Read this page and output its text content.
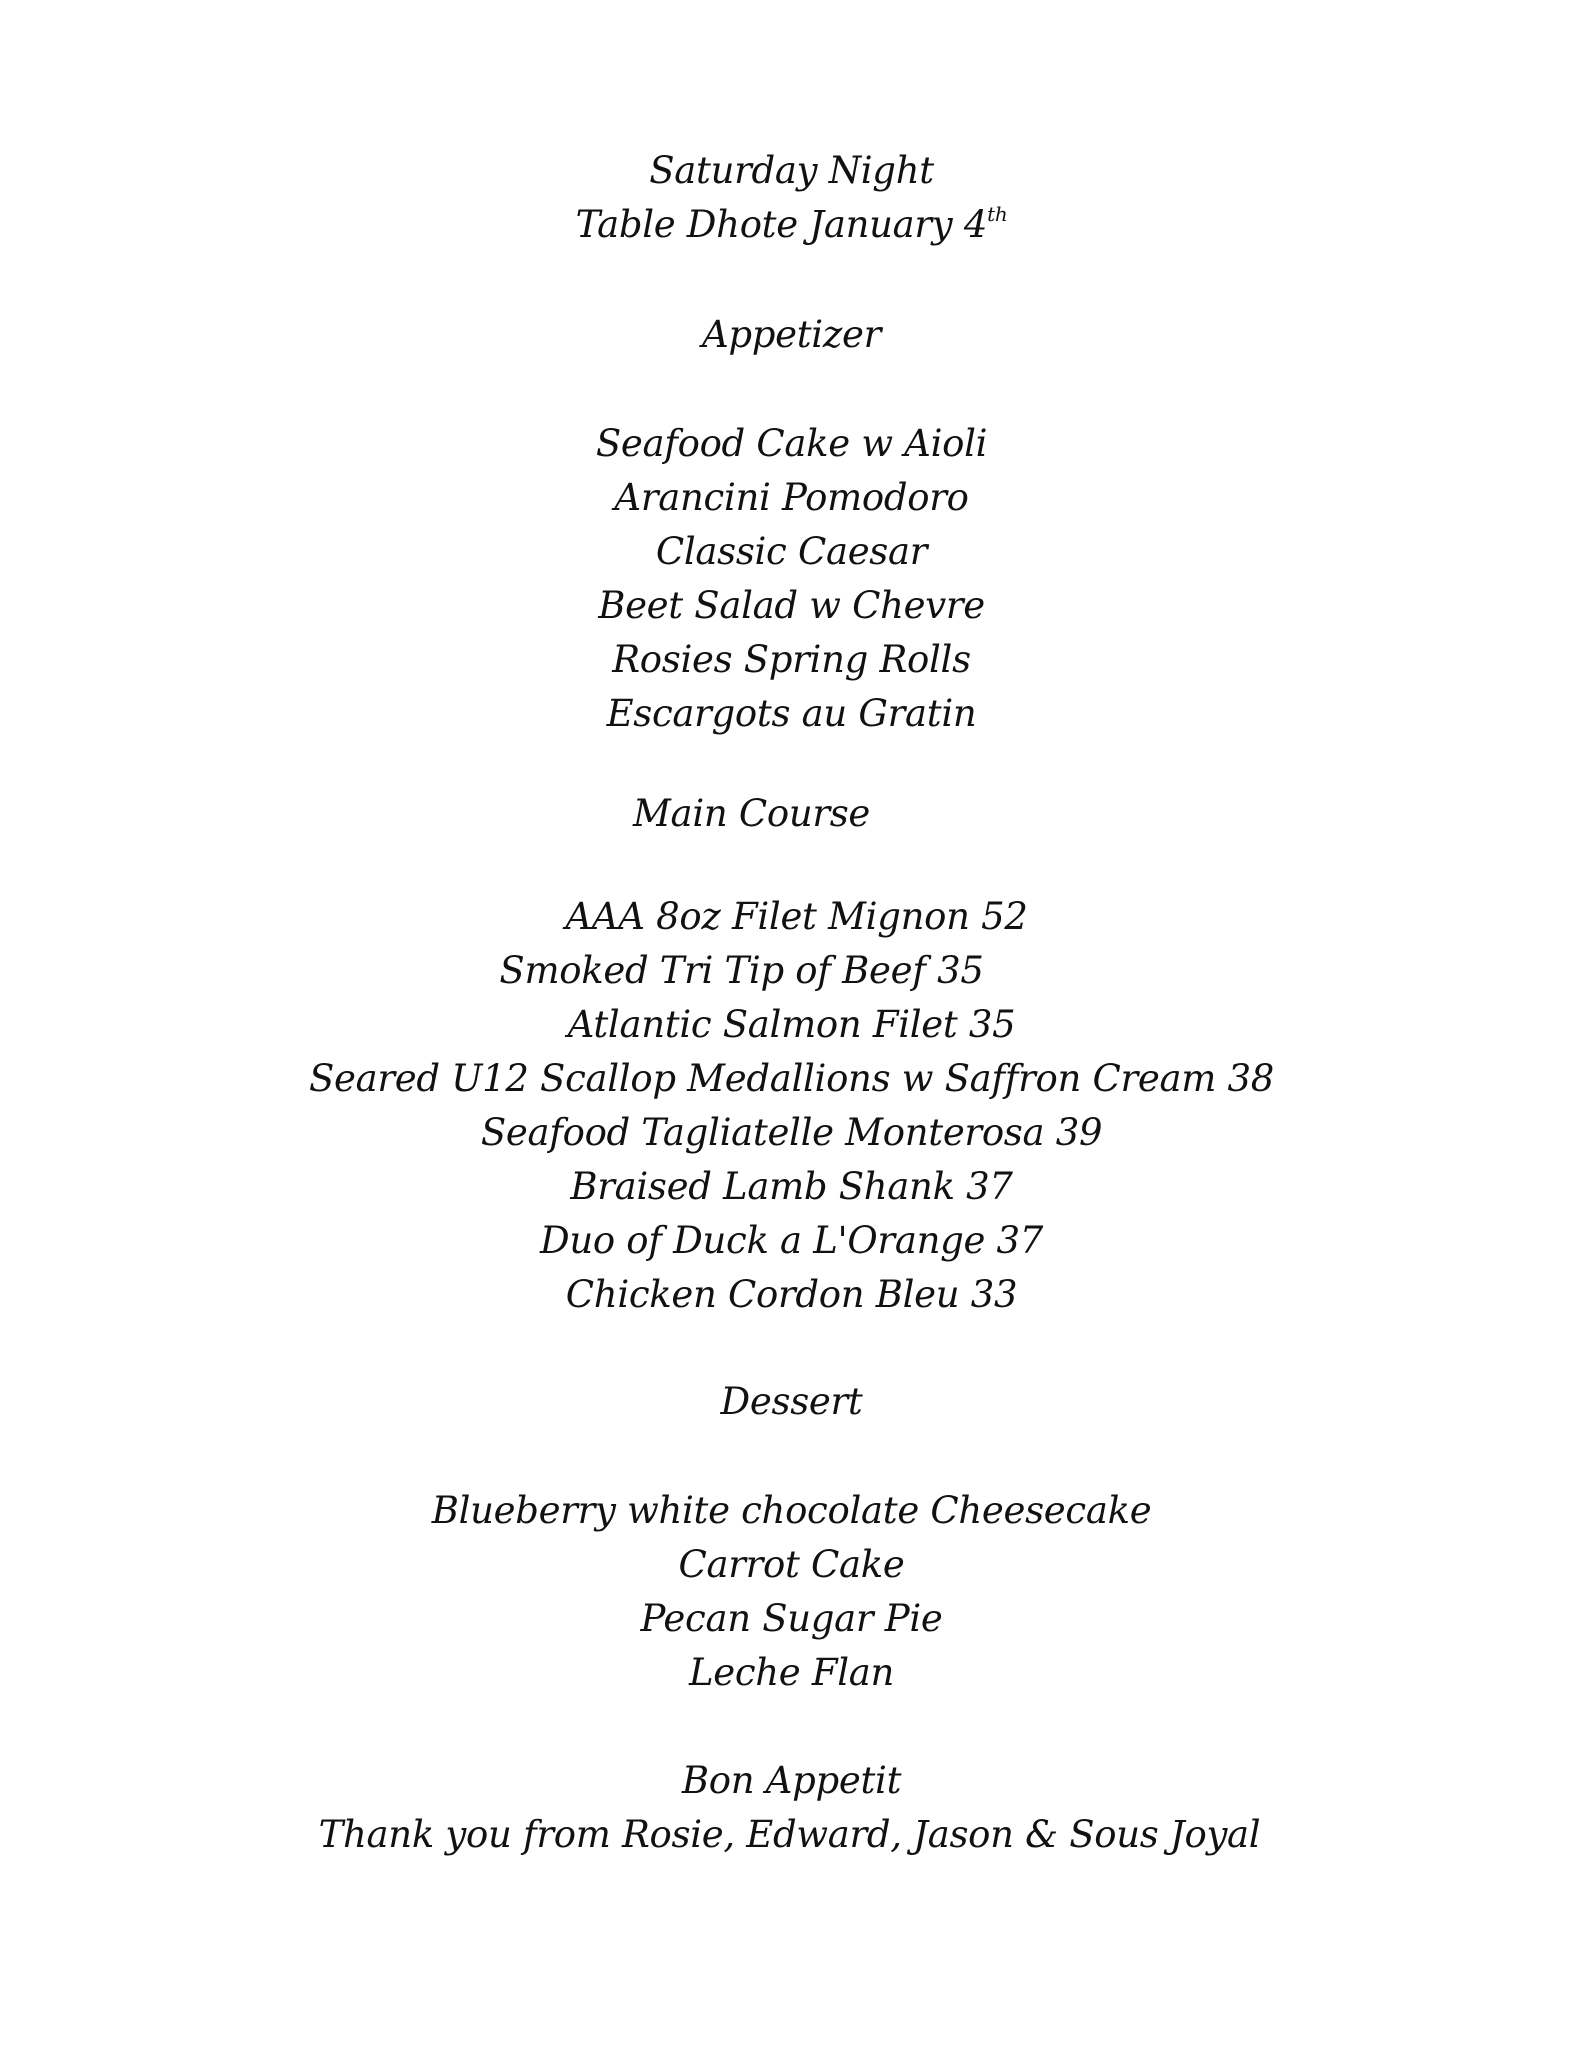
Saturday Night
Table Dhote January 4th
Appetizer
Seafood Cake w Aioli
Arancini Pomodoro
Classic Caesar
Beet Salad w Chevre
Rosies Spring Rolls
Escargots au Gratin
Main Course
AAA 8oz Filet Mignon 52
Smoked Tri Tip of Beef 35
Atlantic Salmon Filet 35
Seared U12 Scallop Medallions w Saffron Cream 38
Seafood Tagliatelle Monterosa 39
Braised Lamb Shank 37
Duo of Duck a L'Orange 37
Chicken Cordon Bleu 33
Dessert
Blueberry white chocolate Cheesecake
Carrot Cake
Pecan Sugar Pie
Leche Flan
Bon Appetit
Thank you from Rosie, Edward, Jason & Sous Joyal
